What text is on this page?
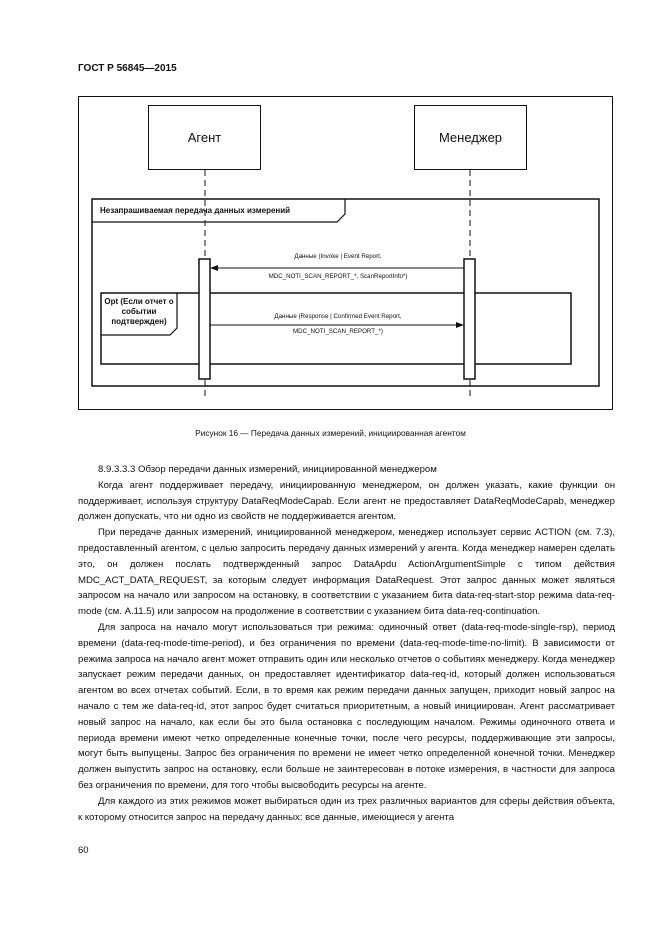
ГОСТ Р 56845—2015
Агент	Менеджер
Незапрашиваемая передача данных измерений
Opt (Если отчет о событии подтвержден)
Данные (Invoke | Event Report,
MDC_NOTI_SCAN_REPORT_*, ScanReportInfo*)
Данные (Response | Confirmed Event Report,
MDC_NOTI_SCAN_REPORT_*)
Рисунок 16 — Передача данных измерений, инициированная агентом

8.9.3.3.3 Обзор передачи данных измерений, инициированной менеджером

Когда агент поддерживает передачу, инициированную менеджером, он должен указать, какие функции он поддерживает, используя структуру DataReqModeCapab. Если агент не предоставляет DataReqModeCapab, менеджер должен допускать, что ни одно из свойств не поддерживается агентом.

При передаче данных измерений, инициированной менеджером, менеджер использует сервис ACTION (см. 7.3), предоставленный агентом, с целью запросить передачу данных измерений у агента. Когда менеджер намерен сделать это, он должен послать подтвержденный запрос DataApdu ActionArgumentSimple с типом действия MDC_ACT_DATA_REQUEST, за которым следует информация DataRequest. Этот запрос данных может являться запросом на начало или запросом на остановку, в соответствии с указанием бита data-req-start-stop режима data-req-mode (см. А.11.5) или запросом на продолжение в соответствии с указанием бита data-req-continuation.

Для запроса на начало могут использоваться три режима: одиночный ответ (data-req-mode-single-rsp), период времени (data-req-mode-time-period), и без ограничения по времени (data-req-mode-time-no-limit). В зависимости от режима запроса на начало агент может отправить один или несколько отчетов о событиях менеджеру. Когда менеджер запускает режим передачи данных, он предоставляет идентификатор data-req-id, который должен использоваться агентом во всех отчетах событий. Если, в то время как режим передачи данных запущен, приходит новый запрос на начало с тем же data-req-id, этот запрос будет считаться приоритетным, а новый инициирован. Агент рассматривает новый запрос на начало, как если бы это была остановка с последующим началом. Режимы одиночного ответа и периода времени имеют четко определенные конечные точки, после чего ресурсы, поддерживающие эти запросы, могут быть выпущены. Запрос без ограничения по времени не имеет четко определенной конечной точки. Менеджер должен выпустить запрос на остановку, если больше не заинтересован в потоке измерения, в частности для запроса без ограничения по времени, для того чтобы высвободить ресурсы на агенте.

Для каждого из этих режимов может выбираться один из трех различных вариантов для сферы действия объекта, к которому относится запрос на передачу данных: все данные, имеющиеся у агента

60
